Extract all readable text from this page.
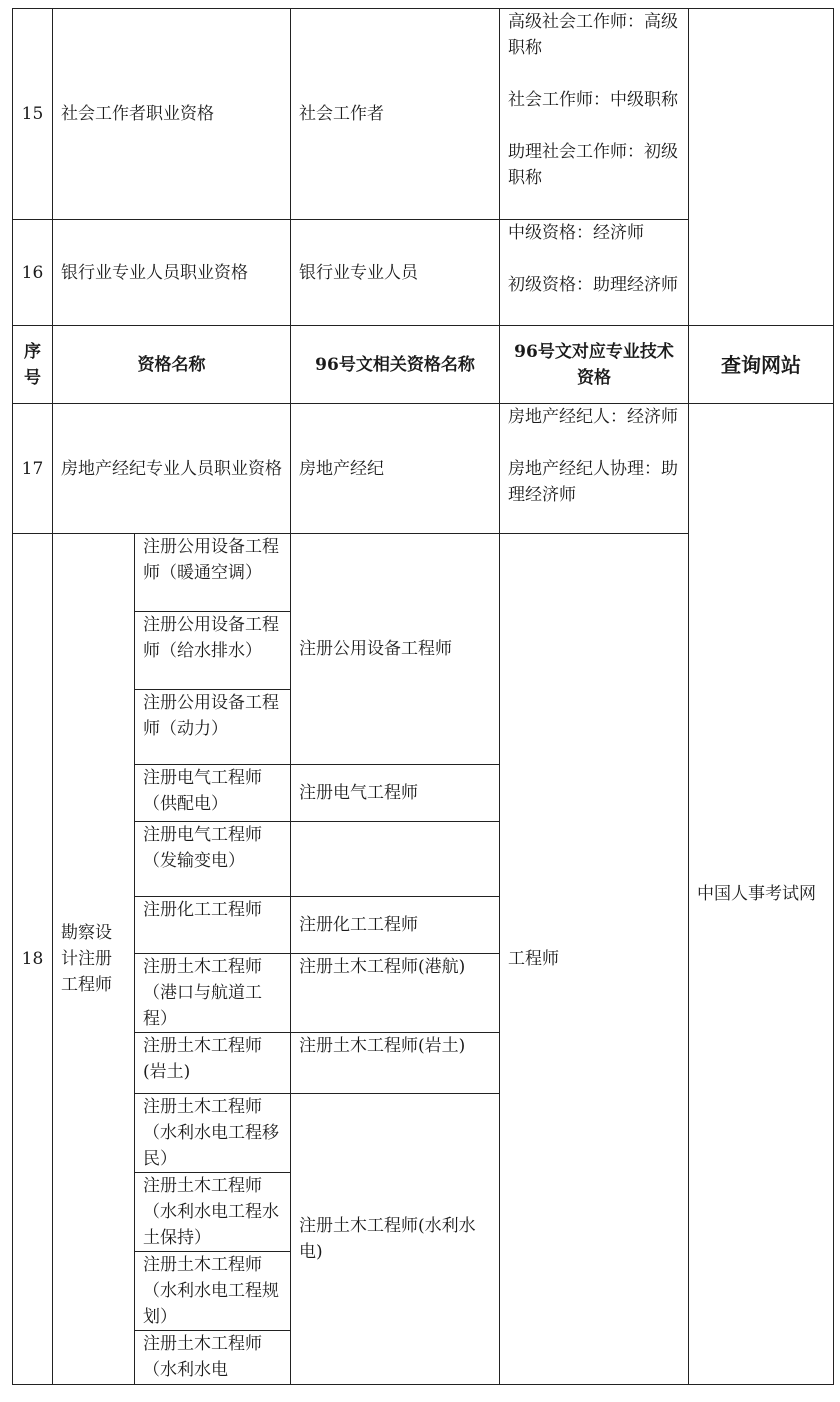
15	社会工作者职业资格		社会工作者	高级社会工作师：高级职称
社会工作师：中级职称
助理社会工作师：初级职称	
16	银行业专业人员职业资格		银行业专业人员	中级资格：经济师
初级资格：助理经济师	
序号	资格名称		96号文相关资格名称	96号文对应专业技术资格	查询网站
17	房地产经纪专业人员职业资格		房地产经纪	房地产经纪人：经济师
房地产经纪人协理：助理经济师	中国人事考试网
18	勘察设计注册工程师	注册公用设备工程师（暖通空调）	注册公用设备工程师	工程师	
		注册公用设备工程师（给水排水）			
		注册公用设备工程师（动力）			
		注册电气工程师（供配电）	注册电气工程师		
		注册电气工程师（发输变电）			
		注册化工工程师	注册化工工程师		
		注册土木工程师（港口与航道工程）	注册土木工程师(港航)		
		注册土木工程师(岩土)	注册土木工程师(岩土)		
		注册土木工程师（水利水电工程移民）	注册土木工程师(水利水电)		
		注册土木工程师（水利水电工程水土保持）			
		注册土木工程师（水利水电工程规划）			
		注册土木工程师（水利水电			
